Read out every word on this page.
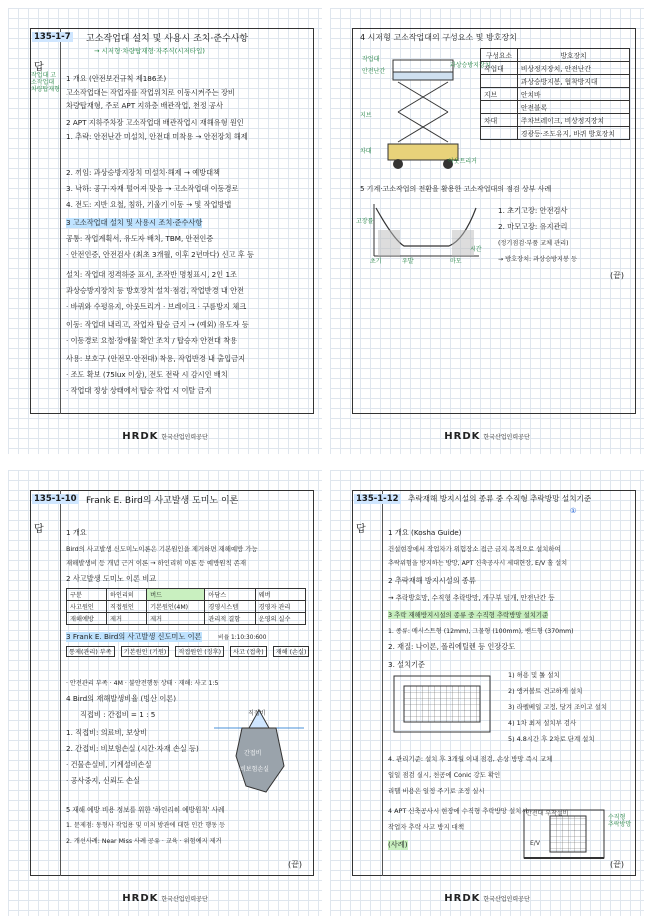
135-1-7 고소작업대 설치 및 사용시 조치·준수사항
→ 시저형·차량탑재형·자주식(시저타입)
답
작업대 고소작업대 차량탑재형
1 개요 (안전보건규칙 제186조)
고소작업대는 작업자를 작업위치로 이동시켜주는 장비
차량탑재형, 주로 APT 지하층 배관작업, 천정 공사
2 APT 지하주차장 고소작업대 배관작업시 재해유형 원인
1. 추락: 안전난간 미설치, 안전대 미착용 → 안전장치 해제
2. 끼임: 과상승방지장치 미설치·해제 → 예방대책
3. 낙하: 공구·자재 떨어져 맞음 → 고소작업대 이동경로
4. 전도: 지반 요철, 침하, 기울기 이동 → 및 작업방법
3 고소작업대 설치 및 사용시 조치·준수사항
공통: 작업계획서, 유도자 배치, TBM, 안전인증
· 안전인증, 안전검사 (최초 3개월, 이후 2년마다) 신고 후 등
설치: 작업대 정격하중 표시, 조작반 명칭표시, 2인 1조
과상승방지장치 등 방호장치 설치·점검, 작업반경 내 안전
· 바퀴와 수평유지, 아웃트리거 · 브레이크 · 구름방지 체크
이동: 작업대 내리고, 작업자 탑승 금지 → (예외) 유도자 등
· 이동경로 요철·장애물 확인 조치 / 탑승자 안전대 착용
사용: 보호구 (안전모·안전대) 착용, 작업반경 내 출입금지
· 조도 확보 (75lux 이상), 전도 전락 시 감시인 배치
· 작업대 정상 상태에서 탑승 작업 시 이탈 금지
HRDK 한국산업인력공단
4 시저형 고소작업대의 구성요소 및 방호장치
작업대
안전난간
과상승방지장치
지브
차대
아웃트리거
구성요소	방호장치
작업대	비상정지장치, 안전난간
	과상승방지봉, 협착방지대
지브	안치바
	안전블록
차대	주차브레이크, 비상정지장치
	경광등·조도유지, 바퀴 방호장치
5 기계·고소작업의 전환을 활용한 고소작업대의 점검 상부 사례
초기	우발	마모
시간
고장률
1. 초기고장: 안전검사
2. 마모고장: 유지관리
(정기점검·부품 교체 관리)
→ 방호장치: 과상승방지봉 등
(끝)
HRDK 한국산업인력공단
135-1-10 Frank E. Bird의 사고발생 도미노 이론
답	1 개요
Bird의 사고발생 신도미노이론은 기본원인을 제거하면 재해예방 가능
재해발생비 등 개념 근거 이론 → 하인리히 이론 등 예방원칙 존재
2 사고발생 도미노 이론 비교
구분	하인리히	버드	아담스	웨버
사고원인	직접원인	기본원인(4M)	경영시스템	경영자 관리
재해예방	제거	제거	관리적 결함	운영의 실수
3 Frank E. Bird의 사고발생 신도미노 이론	비율 1:10:30:600
통제(관리) 부족	기본원인 (기원)	직접원인 (징후)	사고 (접촉)	재해 (손실)
· 안전관리 부족 · 4M · 불안전행동 상태 · 재해: 사고 1:5
4 Bird의 재해발생비율 (빙산 이론)
직접비 : 간접비 = 1 : 5
1. 직접비: 의료비, 보상비
2. 간접비: 비보험손실 (시간·자재 손실 등)
· 건물손실비, 기계설비손실
· 공사중지, 신뢰도 손실
직접비
간접비
비보험손실
5 재해 예방 비용 정보를 위한 '하인리히 예방원칙' 사례
1. 문제점: 동형사 작업용 및 미처 방관에 대한 인간 행동 등
2. 개선사례: Near Miss 사례 공유 · 교육 · 위험예지 제거
(끝)
HRDK 한국산업인력공단
135-1-12 추락재해 방지시설의 종류 중 수직형 추락방망 설치기준
①
답	1 개요 (Kosha Guide)
건설현장에서 작업자가 위험장소 접근 금지 목적으로 설치하여
추락위험을 방지하는 방망, APT 신축공사시 세대현장, E/V 홀 설치
2 추락재해 방지시설의 종류
→ 추락방호망, 수직형 추락방망, 개구부 덮개, 안전난간 등
3 추락 재해방지시설의 종류 중 수직형 추락방망 설치기준
1. 종류: 메시스트형 (12mm), 그물형 (100mm), 밴드형 (370mm)
2. 재질: 나이론, 폴리에틸렌 등 인장강도
3. 설치기준
1) 허용 및 톨 설치
2) 앵커볼트 견고하게 설치
3) 라펠베일 고정, 당겨 조이고 설치
4) 1차 최저 설치부 검사
5) 4.8시간 후 2차로 단계 설치
4. 관리기준: 설치 후 3개월 이내 점검, 손상 방망 즉시 교체
일일 점검 실시, 천공에 Conic 강도 확인
리헬 비용은 일정 주기로 조정 실시
4 APT 신축공사시 현장에 수직형 추락방망 설치시
작업자 추락 사고 방지 대책
(사례)
안전대 부착설비
수직형 추락방망
E/V
(끝)
HRDK 한국산업인력공단
